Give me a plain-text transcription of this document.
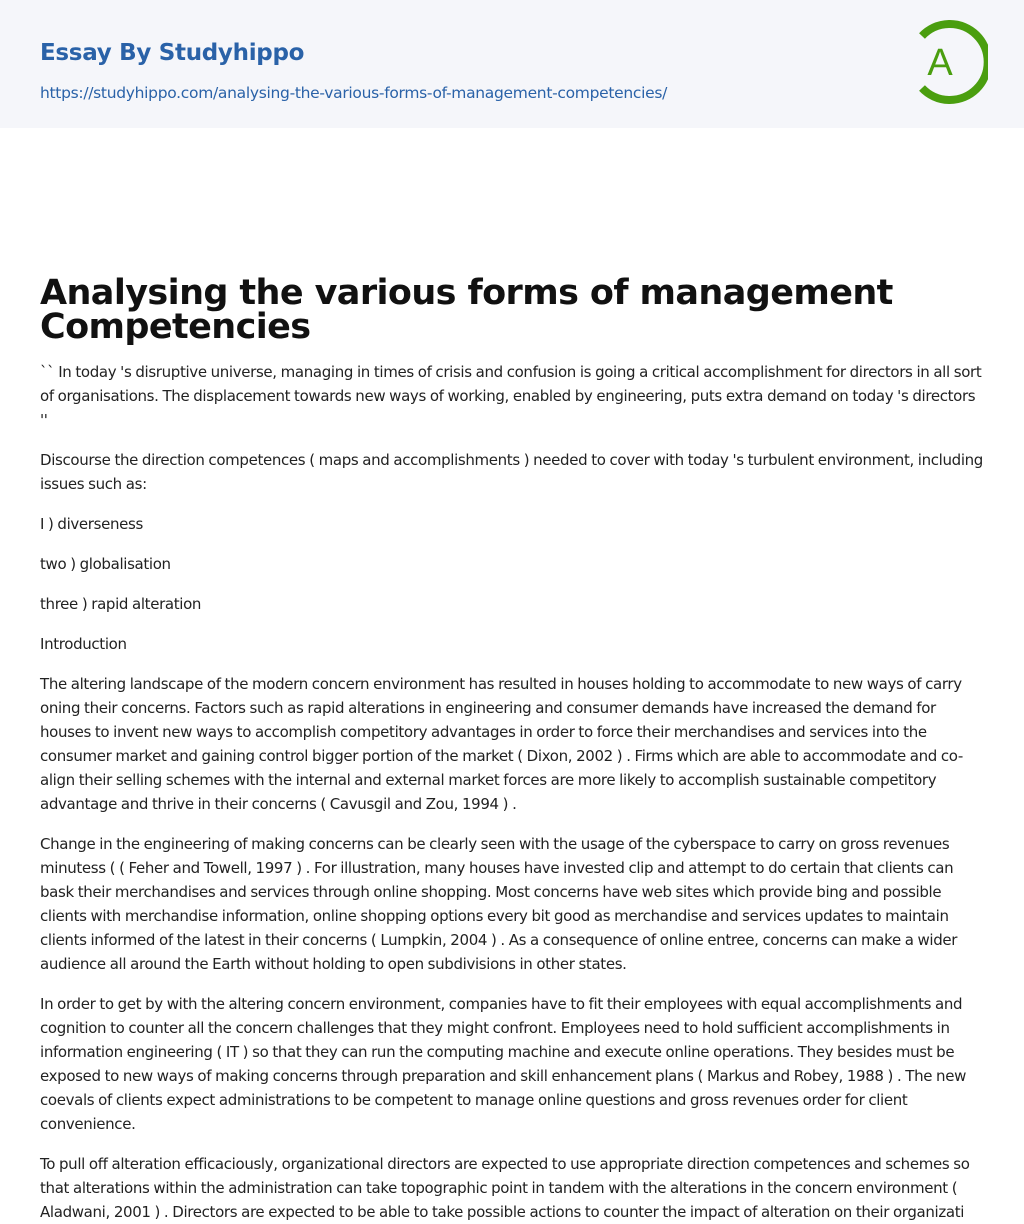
Essay By Studyhippo
https://studyhippo.com/analysing-the-various-forms-of-management-competencies/
A
Analysing the various forms of management Competencies

`` In today 's disruptive universe, managing in times of crisis and confusion is going a critical accomplishment for directors in all sort of organisations. The displacement towards new ways of working, enabled by engineering, puts extra demand on today 's directors ''

Discourse the direction competences ( maps and accomplishments ) needed to cover with today 's turbulent environment, including issues such as:

I ) diverseness

two ) globalisation

three ) rapid alteration

Introduction

The altering landscape of the modern concern environment has resulted in houses holding to accommodate to new ways of carry oning their concerns. Factors such as rapid alterations in engineering and consumer demands have increased the demand for houses to invent new ways to accomplish competitory advantages in order to force their merchandises and services into the consumer market and gaining control bigger portion of the market ( Dixon, 2002 ) . Firms which are able to accommodate and co-align their selling schemes with the internal and external market forces are more likely to accomplish sustainable competitory advantage and thrive in their concerns ( Cavusgil and Zou, 1994 ) .

Change in the engineering of making concerns can be clearly seen with the usage of the cyberspace to carry on gross revenues minutess ( ( Feher and Towell, 1997 ) . For illustration, many houses have invested clip and attempt to do certain that clients can bask their merchandises and services through online shopping. Most concerns have web sites which provide bing and possible clients with merchandise information, online shopping options every bit good as merchandise and services updates to maintain clients informed of the latest in their concerns ( Lumpkin, 2004 ) . As a consequence of online entree, concerns can make a wider audience all around the Earth without holding to open subdivisions in other states.

In order to get by with the altering concern environment, companies have to fit their employees with equal accomplishments and cognition to counter all the concern challenges that they might confront. Employees need to hold sufficient accomplishments in information engineering ( IT ) so that they can run the computing machine and execute online operations. They besides must be exposed to new ways of making concerns through preparation and skill enhancement plans ( Markus and Robey, 1988 ) . The new coevals of clients expect administrations to be competent to manage online questions and gross revenues order for client convenience.

To pull off alteration efficaciously, organizational directors are expected to use appropriate direction competences and schemes so that alterations within the administration can take topographic point in tandem with the alterations in the concern environment ( Aladwani, 2001 ) . Directors are expected to be able to take possible actions to counter the impact of alteration on their organizati
